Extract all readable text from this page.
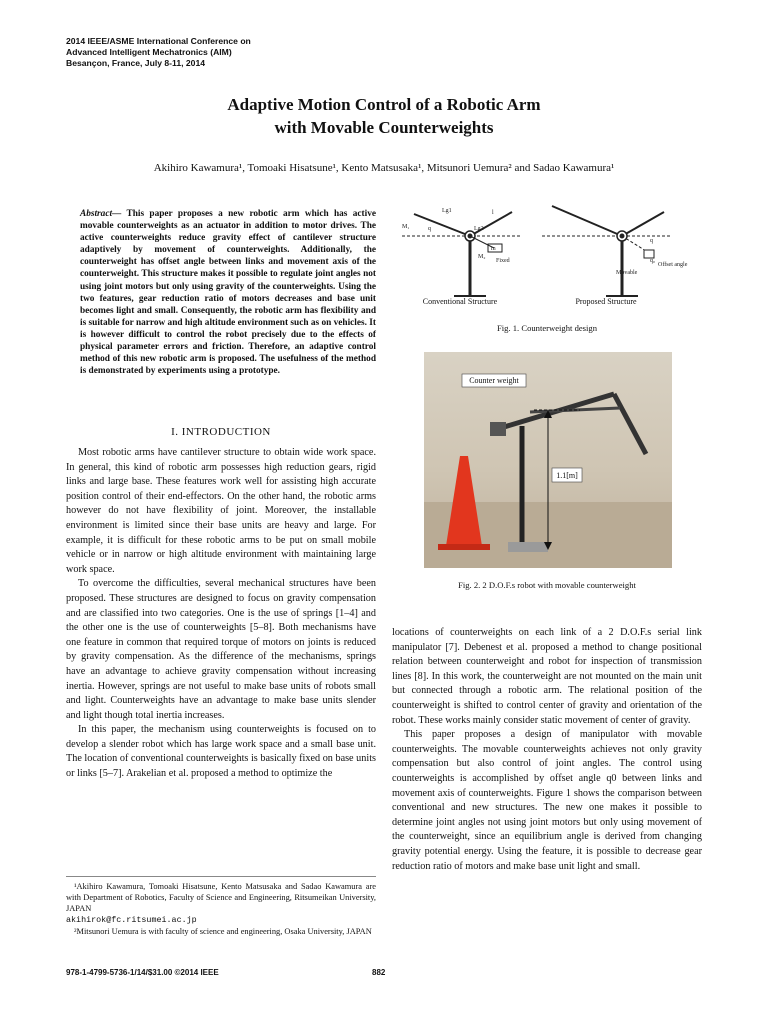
2014 IEEE/ASME International Conference on
Advanced Intelligent Mechatronics (AIM)
Besançon, France, July 8-11, 2014
Adaptive Motion Control of a Robotic Arm
with Movable Counterweights
Akihiro Kawamura¹, Tomoaki Hisatsune¹, Kento Matsusaka¹, Mitsunori Uemura² and Sadao Kawamura¹
Abstract— This paper proposes a new robotic arm which has active movable counterweights as an actuator in addition to motor drives. The active counterweights reduce gravity effect of cantilever structure adaptively by movement of counterweights. Additionally, the counterweight has offset angle between links and movement axis of the counterweight. This structure makes it possible to regulate joint angles not using joint motors but only using gravity of the counterweights. Using the two features, gear reduction ratio of motors decreases and base unit becomes light and small. Consequently, the robotic arm has flexibility and is suitable for narrow and high altitude environment such as on vehicles. It is however difficult to control the robot precisely due to the effects of physical parameter errors and friction. Therefore, an adaptive control method of this new robotic arm is proposed. The usefulness of the method is demonstrated by experiments using a prototype.
I. INTRODUCTION

Most robotic arms have cantilever structure to obtain wide work space. In general, this kind of robotic arm possesses high reduction gears, rigid links and large base. These features work well for assisting high accurate position control of their end-effectors. On the other hand, the robotic arms however do not have flexibility of joint. Moreover, the installable environment is limited since their base units are heavy and large. For example, it is difficult for these robotic arms to be put on small mobile vehicle or in narrow or high altitude environment with maintaining large work space.

To overcome the difficulties, several mechanical structures have been proposed. These structures are designed to focus on gravity compensation and are classified into two categories. One is the use of springs [1–4] and the other one is the use of counterweights [5–8]. Both mechanisms have one feature in common that required torque of motors on joints is reduced by gravity compensation. As the difference of the mechanisms, springs have an advantage to achieve gravity compensation without increasing inertia. However, springs are not useful to make base units of robots small and light. Counterweights have an advantage to make base units slender and light though total inertia increases.

In this paper, the mechanism using counterweights is focused on to develop a slender robot which has large work space and a small base unit. The location of conventional counterweights is basically fixed on base units or links [5–7]. Arakelian et al. proposed a method to optimize the

¹Akihiro Kawamura, Tomoaki Hisatsune, Kento Matsusaka and Sadao Kawamura are with Department of Robotics, Faculty of Science and Engineering, Ritsumeikan University, JAPAN
akihirok@fc.ritsumei.ac.jp

²Mitsunori Uemura is with faculty of science and engineering, Osaka University, JAPAN

M₁
M₂
m
q
Lg1
Lg2
l
Fixed
q
q₀
Offset angle
Movable
Conventional Structure	Proposed Structure
Fig. 1. Counterweight design
Counter weight
1.1[m]
Fig. 2. 2 D.O.F.s robot with movable counterweight

locations of counterweights on each link of a 2 D.O.F.s serial link manipulator [7]. Debenest et al. proposed a method to change positional relation between counterweight and robot for inspection of transmission lines [8]. In this work, the counterweight are not mounted on the main unit but connected through a robotic arm. The relational position of the counterweight is shifted to control center of gravity and orientation of the robot. These works mainly consider static movement of center of gravity.

This paper proposes a design of manipulator with movable counterweights. The movable counterweights achieves not only gravity compensation but also control of joint angles. The control using counterweights is accomplished by offset angle q0 between links and movement axis of counterweights. Figure 1 shows the comparison between conventional and new structures. The new one makes it possible to determine joint angles not using joint motors but only using movement of the counterweight, since an equilibrium angle is derived from changing gravity potential energy. Using the feature, it is possible to decrease gear reduction ratio of motors and make base unit light and small.

978-1-4799-5736-1/14/$31.00 ©2014 IEEE	882
